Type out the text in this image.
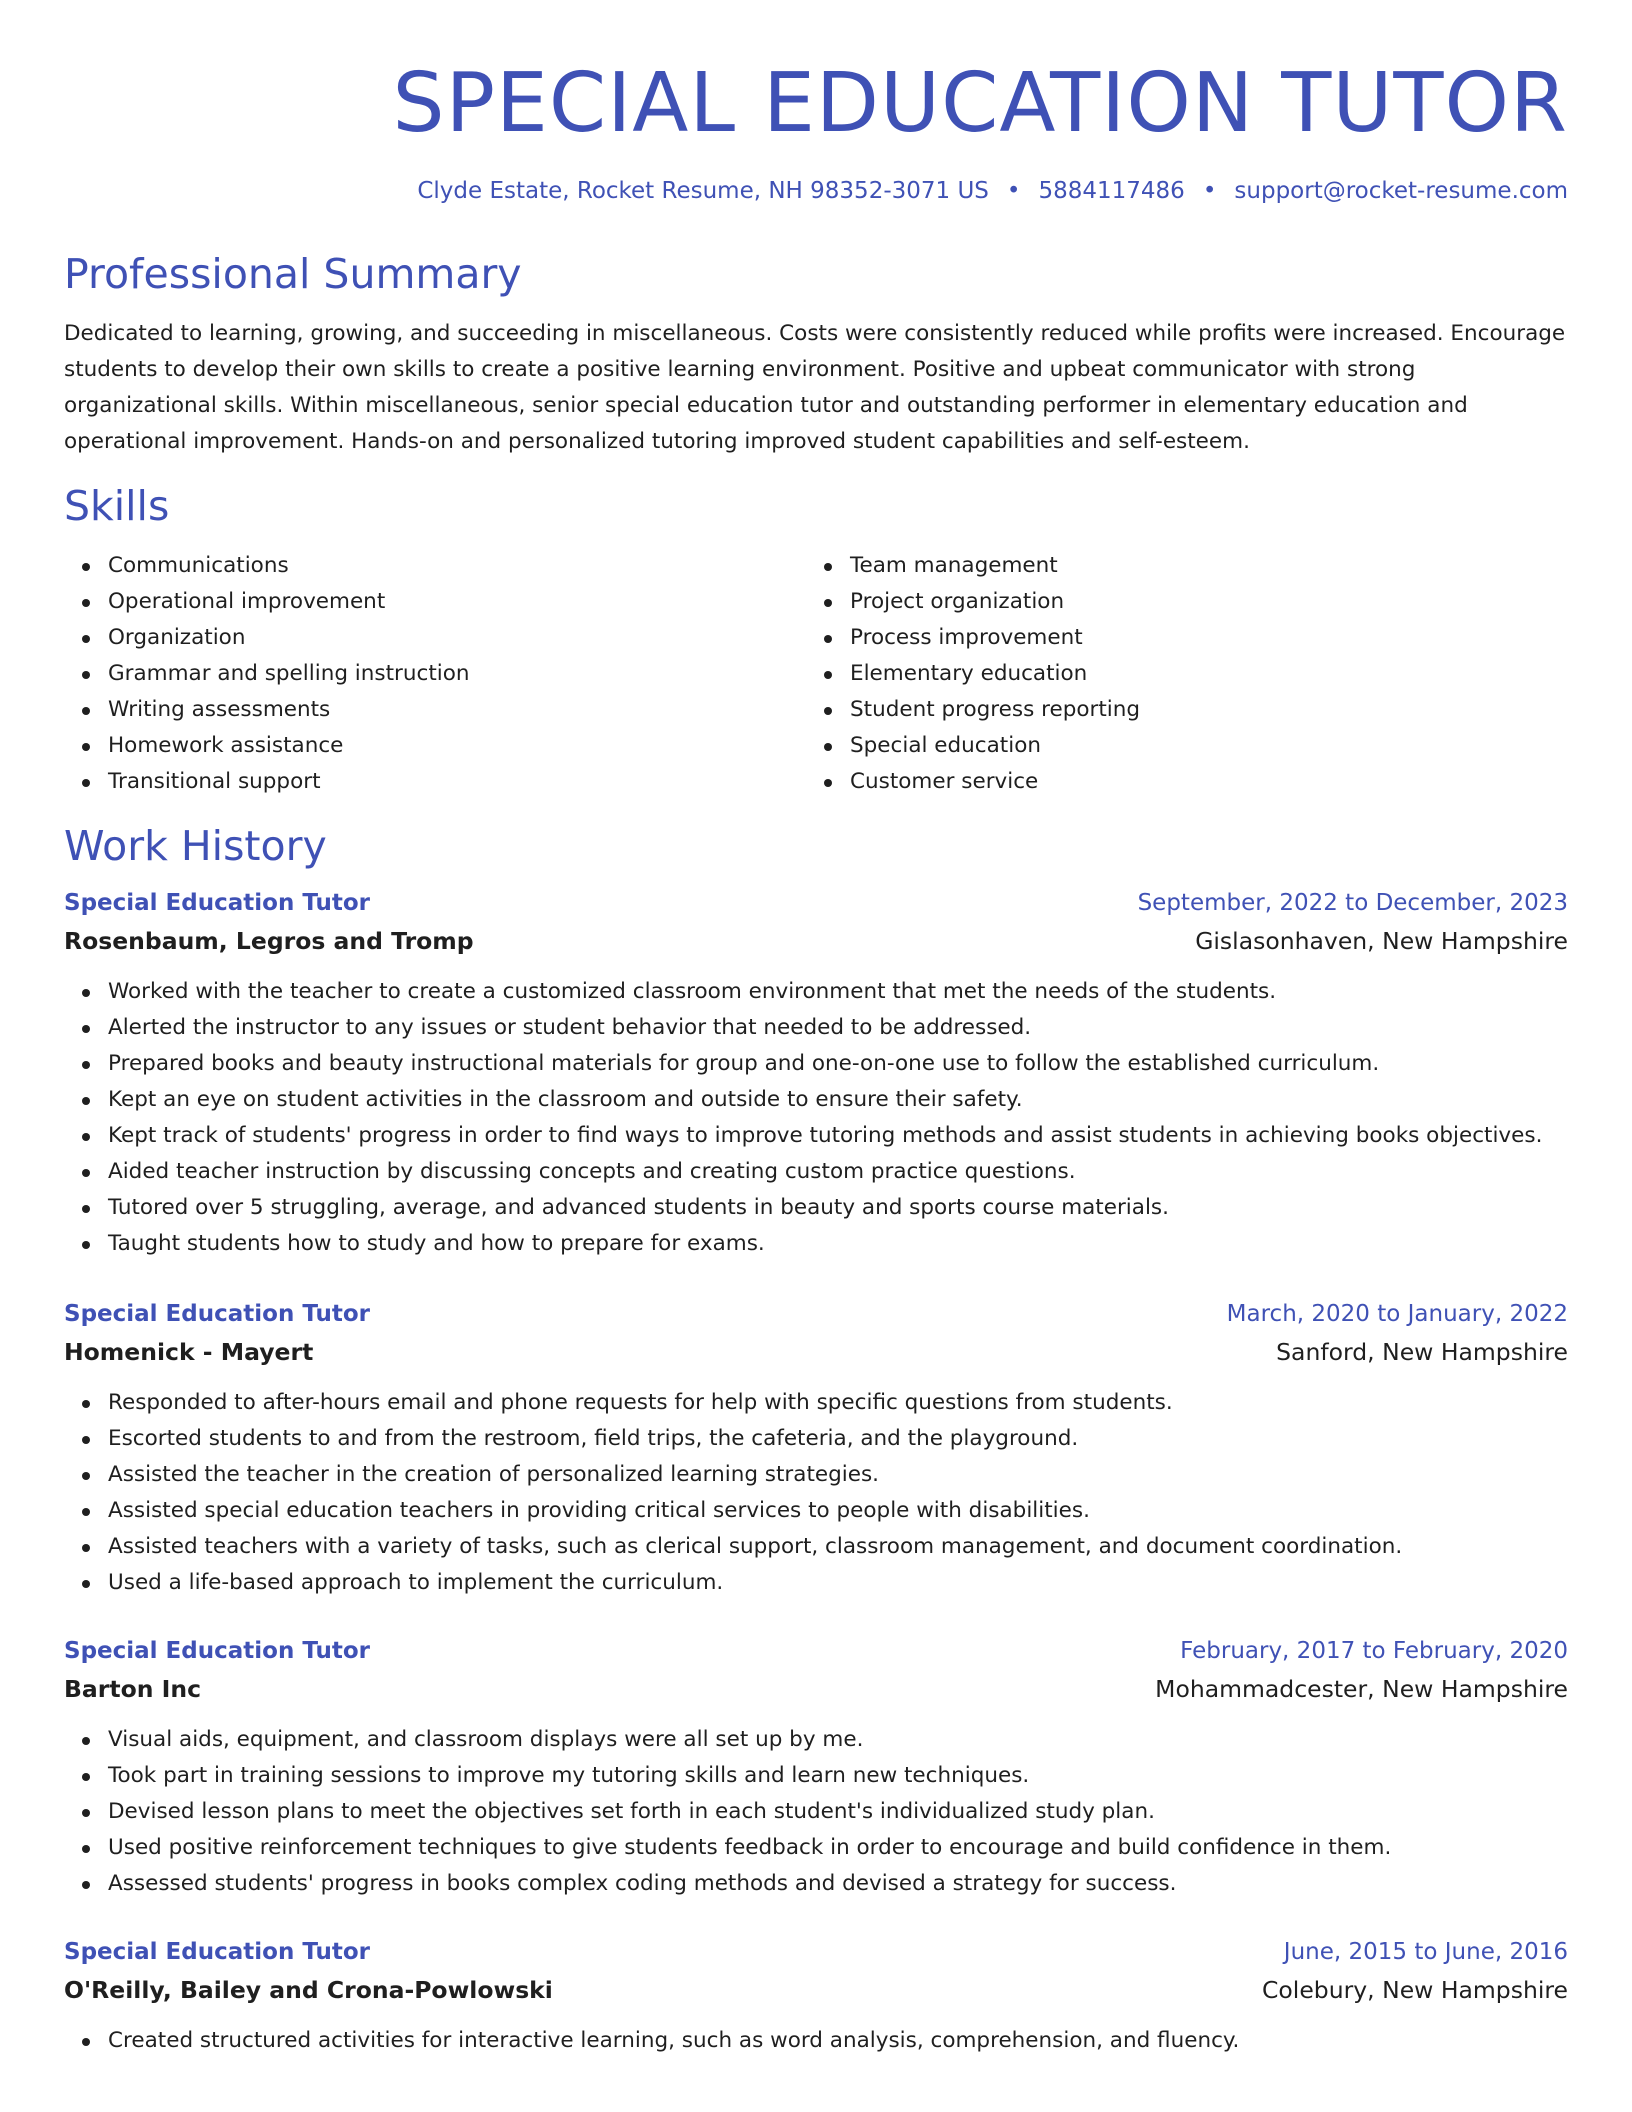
SPECIAL EDUCATION TUTOR
Clyde Estate, Rocket Resume, NH 98352-3071 US • 5884117486 • support@rocket-resume.com
Professional Summary
Dedicated to learning, growing, and succeeding in miscellaneous. Costs were consistently reduced while profits were increased. Encourage students to develop their own skills to create a positive learning environment. Positive and upbeat communicator with strong organizational skills. Within miscellaneous, senior special education tutor and outstanding performer in elementary education and operational improvement. Hands-on and personalized tutoring improved student capabilities and self-esteem.
Skills
Communications
Operational improvement
Organization
Grammar and spelling instruction
Writing assessments
Homework assistance
Transitional support
Team management
Project organization
Process improvement
Elementary education
Student progress reporting
Special education
Customer service
Work History
Special Education Tutor	September, 2022 to December, 2023
Rosenbaum, Legros and Tromp	Gislasonhaven, New Hampshire
Worked with the teacher to create a customized classroom environment that met the needs of the students.
Alerted the instructor to any issues or student behavior that needed to be addressed.
Prepared books and beauty instructional materials for group and one-on-one use to follow the established curriculum.
Kept an eye on student activities in the classroom and outside to ensure their safety.
Kept track of students' progress in order to find ways to improve tutoring methods and assist students in achieving books objectives.
Aided teacher instruction by discussing concepts and creating custom practice questions.
Tutored over 5 struggling, average, and advanced students in beauty and sports course materials.
Taught students how to study and how to prepare for exams.
Special Education Tutor	March, 2020 to January, 2022
Homenick - Mayert	Sanford, New Hampshire
Responded to after-hours email and phone requests for help with specific questions from students.
Escorted students to and from the restroom, field trips, the cafeteria, and the playground.
Assisted the teacher in the creation of personalized learning strategies.
Assisted special education teachers in providing critical services to people with disabilities.
Assisted teachers with a variety of tasks, such as clerical support, classroom management, and document coordination.
Used a life-based approach to implement the curriculum.
Special Education Tutor	February, 2017 to February, 2020
Barton Inc	Mohammadcester, New Hampshire
Visual aids, equipment, and classroom displays were all set up by me.
Took part in training sessions to improve my tutoring skills and learn new techniques.
Devised lesson plans to meet the objectives set forth in each student's individualized study plan.
Used positive reinforcement techniques to give students feedback in order to encourage and build confidence in them.
Assessed students' progress in books complex coding methods and devised a strategy for success.
Special Education Tutor	June, 2015 to June, 2016
O'Reilly, Bailey and Crona-Powlowski	Colebury, New Hampshire
Created structured activities for interactive learning, such as word analysis, comprehension, and fluency.
